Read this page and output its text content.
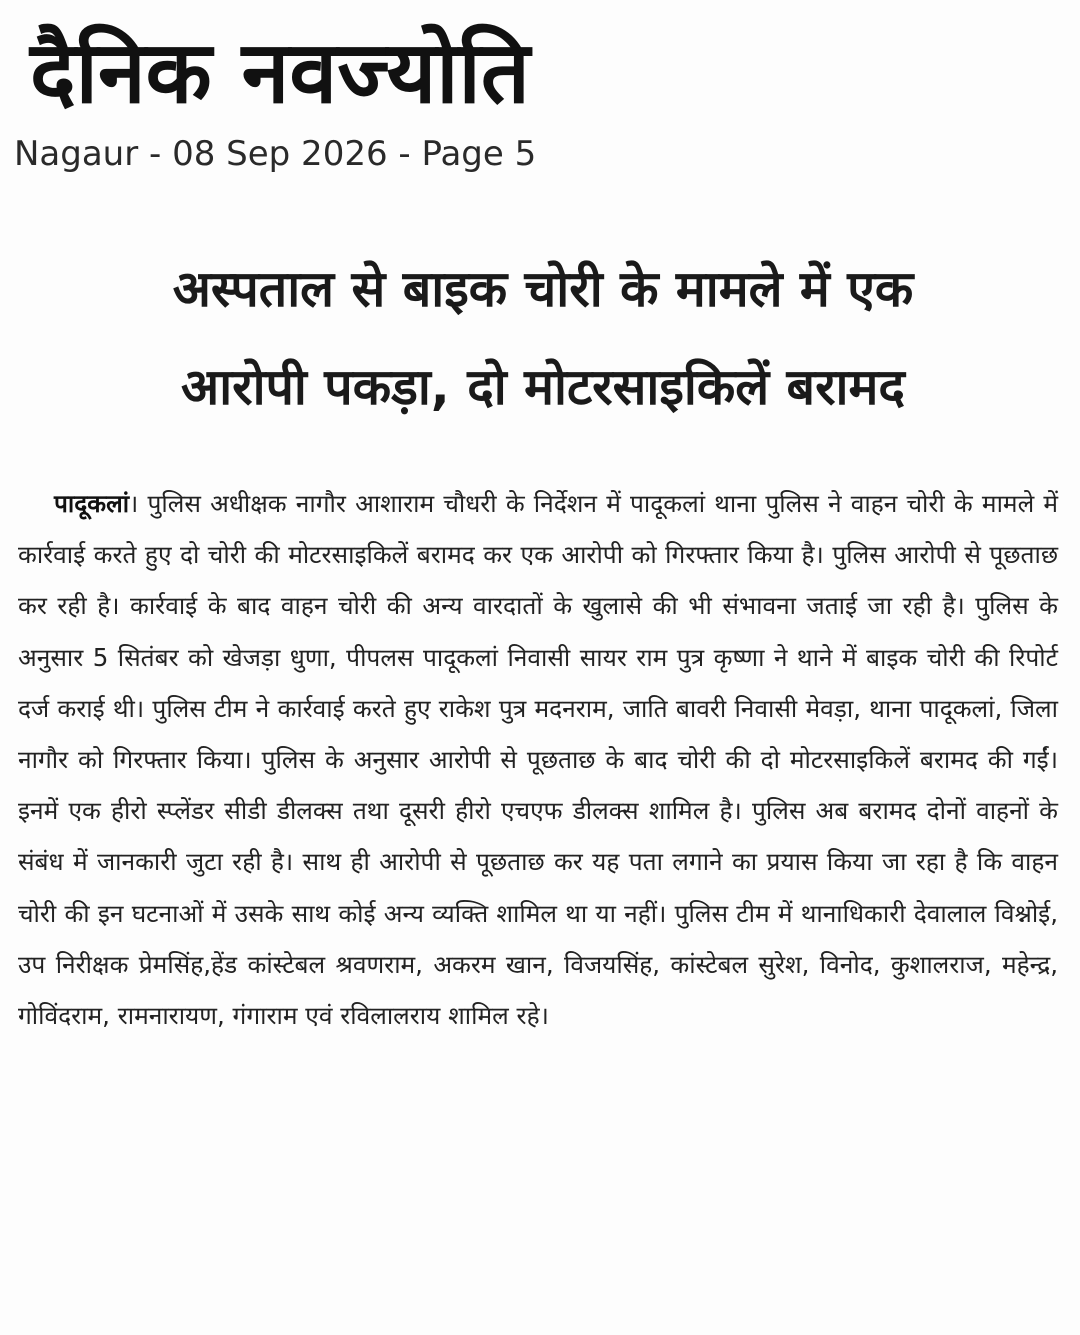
दैनिक नवज्योति
Nagaur - 08 Sep 2026 - Page 5
अस्पताल से बाइक चोरी के मामले में एक
आरोपी पकड़ा, दो मोटरसाइकिलें बरामद
पादूकलां। पुलिस अधीक्षक नागौर आशाराम चौधरी के निर्देशन में पादूकलां थाना पुलिस ने वाहन चोरी के मामले में कार्रवाई करते हुए दो चोरी की मोटरसाइकिलें बरामद कर एक आरोपी को गिरफ्तार किया है। पुलिस आरोपी से पूछताछ कर रही है। कार्रवाई के बाद वाहन चोरी की अन्य वारदातों के खुलासे की भी संभावना जताई जा रही है। पुलिस के अनुसार 5 सितंबर को खेजड़ा धुणा, पीपलस पादूकलां निवासी सायर राम पुत्र कृष्णा ने थाने में बाइक चोरी की रिपोर्ट दर्ज कराई थी। पुलिस टीम ने कार्रवाई करते हुए राकेश पुत्र मदनराम, जाति बावरी निवासी मेवड़ा, थाना पादूकलां, जिला नागौर को गिरफ्तार किया। पुलिस के अनुसार आरोपी से पूछताछ के बाद चोरी की दो मोटरसाइकिलें बरामद की गईं। इनमें एक हीरो स्प्लेंडर सीडी डीलक्स तथा दूसरी हीरो एचएफ डीलक्स शामिल है। पुलिस अब बरामद दोनों वाहनों के संबंध में जानकारी जुटा रही है। साथ ही आरोपी से पूछताछ कर यह पता लगाने का प्रयास किया जा रहा है कि वाहन चोरी की इन घटनाओं में उसके साथ कोई अन्य व्यक्ति शामिल था या नहीं। पुलिस टीम में थानाधिकारी देवालाल विश्नोई, उप निरीक्षक प्रेमसिंह,हेंड कांस्टेबल श्रवणराम, अकरम खान, विजयसिंह, कांस्टेबल सुरेश, विनोद, कुशालराज, महेन्द्र, गोविंदराम, रामनारायण, गंगाराम एवं रविलालराय शामिल रहे।
